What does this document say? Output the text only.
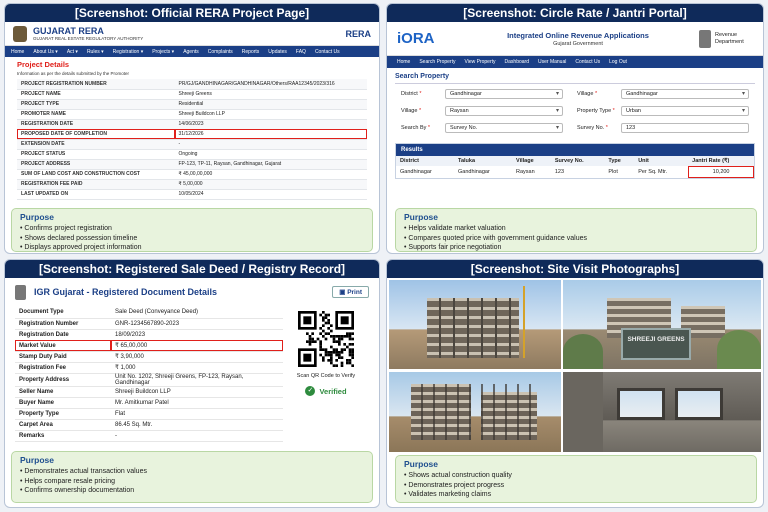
[Screenshot: Official RERA Project Page]
GUJARAT RERA
GUJARAT REAL ESTATE REGULATORY AUTHORITY	RERA
Home About Us ▾ Act ▾ Rules ▾ Registration ▾ Projects ▾ Agents Complaints Reports Updates FAQ Contact Us
Project Details
Information as per the details submitted by the Promoter
PROJECT REGISTRATION NUMBER	PR/GJ/GANDHINAGAR/GANDHINAGAR/Others/RAA12345/2023/316
PROJECT NAME	Shreeji Greens
PROJECT TYPE	Residential
PROMOTER NAME	Shreeji Buildcon LLP
REGISTRATION DATE	14/06/2023
PROPOSED DATE OF COMPLETION	31/12/2026
EXTENSION DATE	-
PROJECT STATUS	Ongoing
PROJECT ADDRESS	FP-123, TP-11, Raysan, Gandhinagar, Gujarat
SUM OF LAND COST AND CONSTRUCTION COST	₹ 45,00,00,000
REGISTRATION FEE PAID	₹ 5,00,000
LAST UPDATED ON	10/05/2024
Purpose
• Confirms project registration
• Shows declared possession timeline
• Displays approved project information
[Screenshot: Circle Rate / Jantri Portal]
iORA	Integrated Online Revenue Applications
Gujarat Government
Revenue Department
Home Search Property View Property Dashboard User Manual Contact Us Log Out
Search Property
District *	Gandhinagar ▾	Village *	Gandhinagar ▾
Village *	Raysan ▾	Property Type *	Urban ▾
Search By *	Survey No. ▾	Survey No. *	123
Results
District	Taluka	Village	Survey No.	Type	Unit	Jantri Rate (₹)
Gandhinagar	Gandhinagar	Raysan	123	Plot	Per Sq. Mtr.	10,200
Purpose
• Helps validate market valuation
• Compares quoted price with government guidance values
• Supports fair price negotiation
[Screenshot: Registered Sale Deed / Registry Record]
IGR Gujarat - Registered Document Details	▣ Print
Document Type	Sale Deed (Conveyance Deed)
Registration Number	GNR-1234567890-2023
Registration Date	18/09/2023
Market Value	₹ 65,00,000
Stamp Duty Paid	₹ 3,90,000
Registration Fee	₹ 1,000
Property Address	Unit No. 1202, Shreeji Greens, FP-123, Raysan, Gandhinagar
Seller Name	Shreeji Buildcon LLP
Buyer Name	Mr. Amitkumar Patel
Property Type	Flat
Carpet Area	86.45 Sq. Mtr.
Remarks	-
Scan QR Code to Verify
✓ Verified
Purpose
• Demonstrates actual transaction values
• Helps compare resale pricing
• Confirms ownership documentation
[Screenshot: Site Visit Photographs]
SHREEJI GREENS
Purpose
• Shows actual construction quality
• Demonstrates project progress
• Validates marketing claims
